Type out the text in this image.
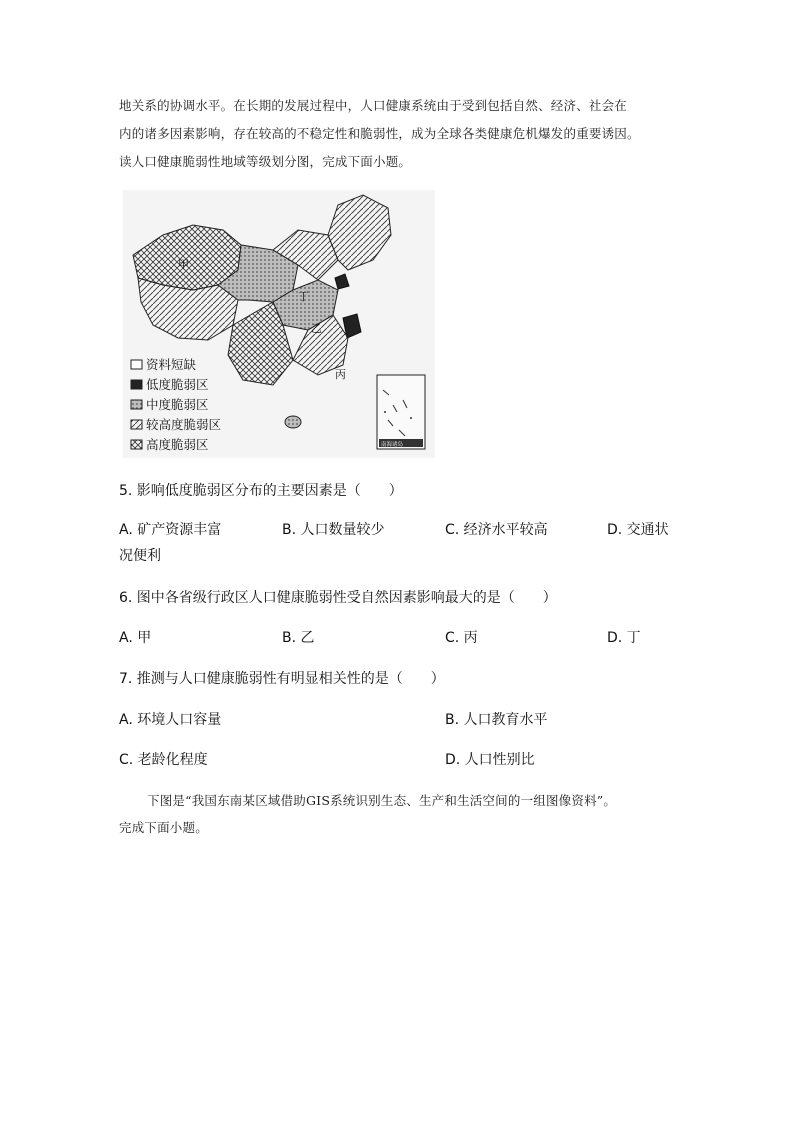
地关系的协调水平。在长期的发展过程中，人口健康系统由于受到包括自然、经济、社会在
内的诸多因素影响，存在较高的不稳定性和脆弱性，成为全球各类健康危机爆发的重要诱因。
读人口健康脆弱性地域等级划分图，完成下面小题。
甲
乙
丙
丁
资料短缺
低度脆弱区
中度脆弱区
较高度脆弱区
高度脆弱区	南海诸岛
5. 影响低度脆弱区分布的主要因素是（　　）
A. 矿产资源丰富	B. 人口数量较少	C. 经济水平较高	D. 交通状
况便利
6. 图中各省级行政区人口健康脆弱性受自然因素影响最大的是（　　）
A. 甲	B. 乙	C. 丙	D. 丁
7. 推测与人口健康脆弱性有明显相关性的是（　　）
A. 环境人口容量	B. 人口教育水平
C. 老龄化程度	D. 人口性别比
下图是“我国东南某区域借助GIS系统识别生态、生产和生活空间的一组图像资料”。
完成下面小题。
